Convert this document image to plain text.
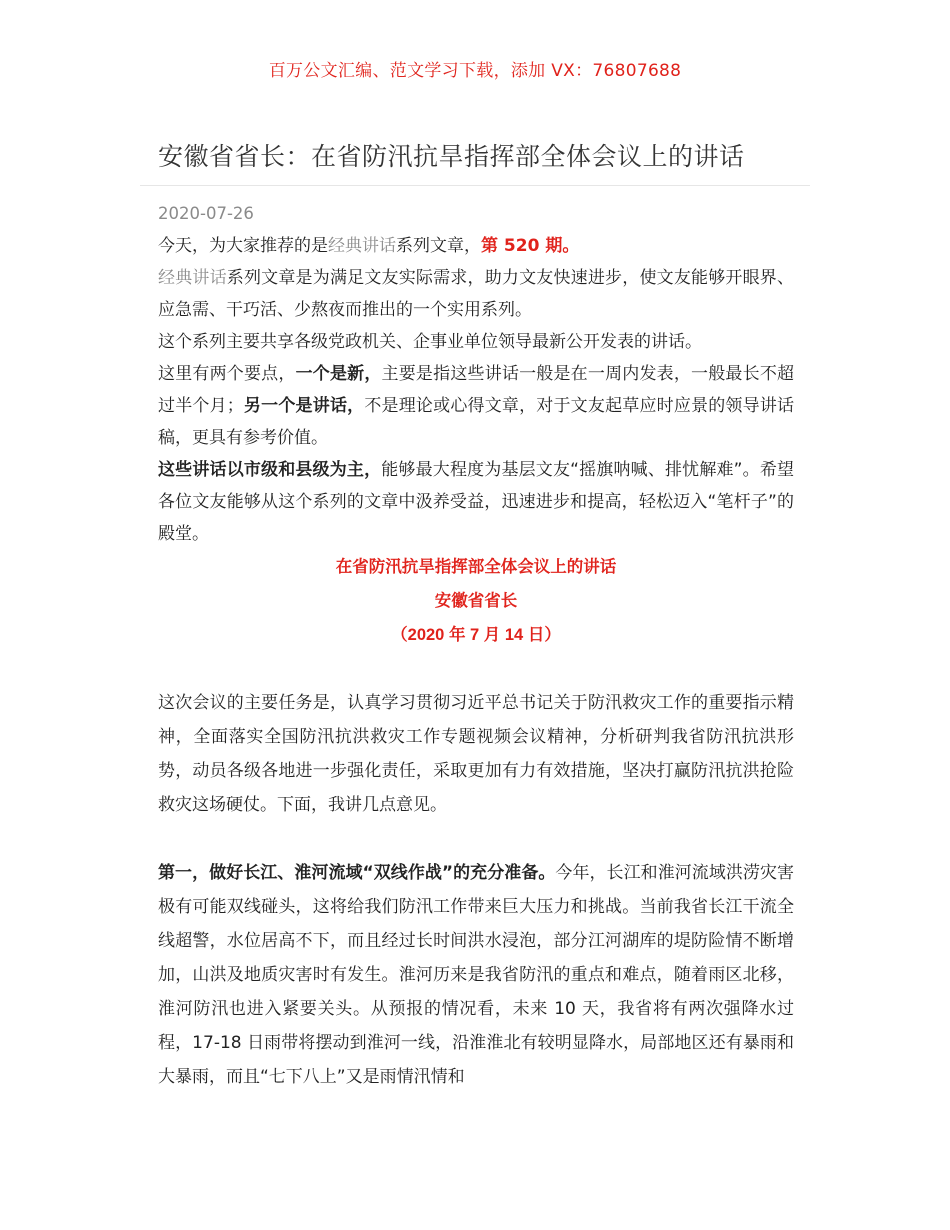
百万公文汇编、范文学习下载，添加 VX：76807688
安徽省省长：在省防汛抗旱指挥部全体会议上的讲话
2020-07-26

今天，为大家推荐的是经典讲话系列文章，第 520 期。

经典讲话系列文章是为满足文友实际需求，助力文友快速进步，使文友能够开眼界、应急需、干巧活、少熬夜而推出的一个实用系列。

这个系列主要共享各级党政机关、企事业单位领导最新公开发表的讲话。

这里有两个要点，一个是新，主要是指这些讲话一般是在一周内发表，一般最长不超过半个月；另一个是讲话，不是理论或心得文章，对于文友起草应时应景的领导讲话稿，更具有参考价值。

这些讲话以市级和县级为主，能够最大程度为基层文友“摇旗呐喊、排忧解难”。希望各位文友能够从这个系列的文章中汲养受益，迅速进步和提高，轻松迈入“笔杆子”的殿堂。

在省防汛抗旱指挥部全体会议上的讲话

安徽省省长

（2020 年 7 月 14 日）

这次会议的主要任务是，认真学习贯彻习近平总书记关于防汛救灾工作的重要指示精神，全面落实全国防汛抗洪救灾工作专题视频会议精神，分析研判我省防汛抗洪形势，动员各级各地进一步强化责任，采取更加有力有效措施，坚决打赢防汛抗洪抢险救灾这场硬仗。下面，我讲几点意见。

第一，做好长江、淮河流域“双线作战”的充分准备。今年，长江和淮河流域洪涝灾害极有可能双线碰头，这将给我们防汛工作带来巨大压力和挑战。当前我省长江干流全线超警，水位居高不下，而且经过长时间洪水浸泡，部分江河湖库的堤防险情不断增加，山洪及地质灾害时有发生。淮河历来是我省防汛的重点和难点，随着雨区北移，淮河防汛也进入紧要关头。从预报的情况看，未来 10 天，我省将有两次强降水过程，17-18 日雨带将摆动到淮河一线，沿淮淮北有较明显降水，局部地区还有暴雨和大暴雨，而且“七下八上”又是雨情汛情和
